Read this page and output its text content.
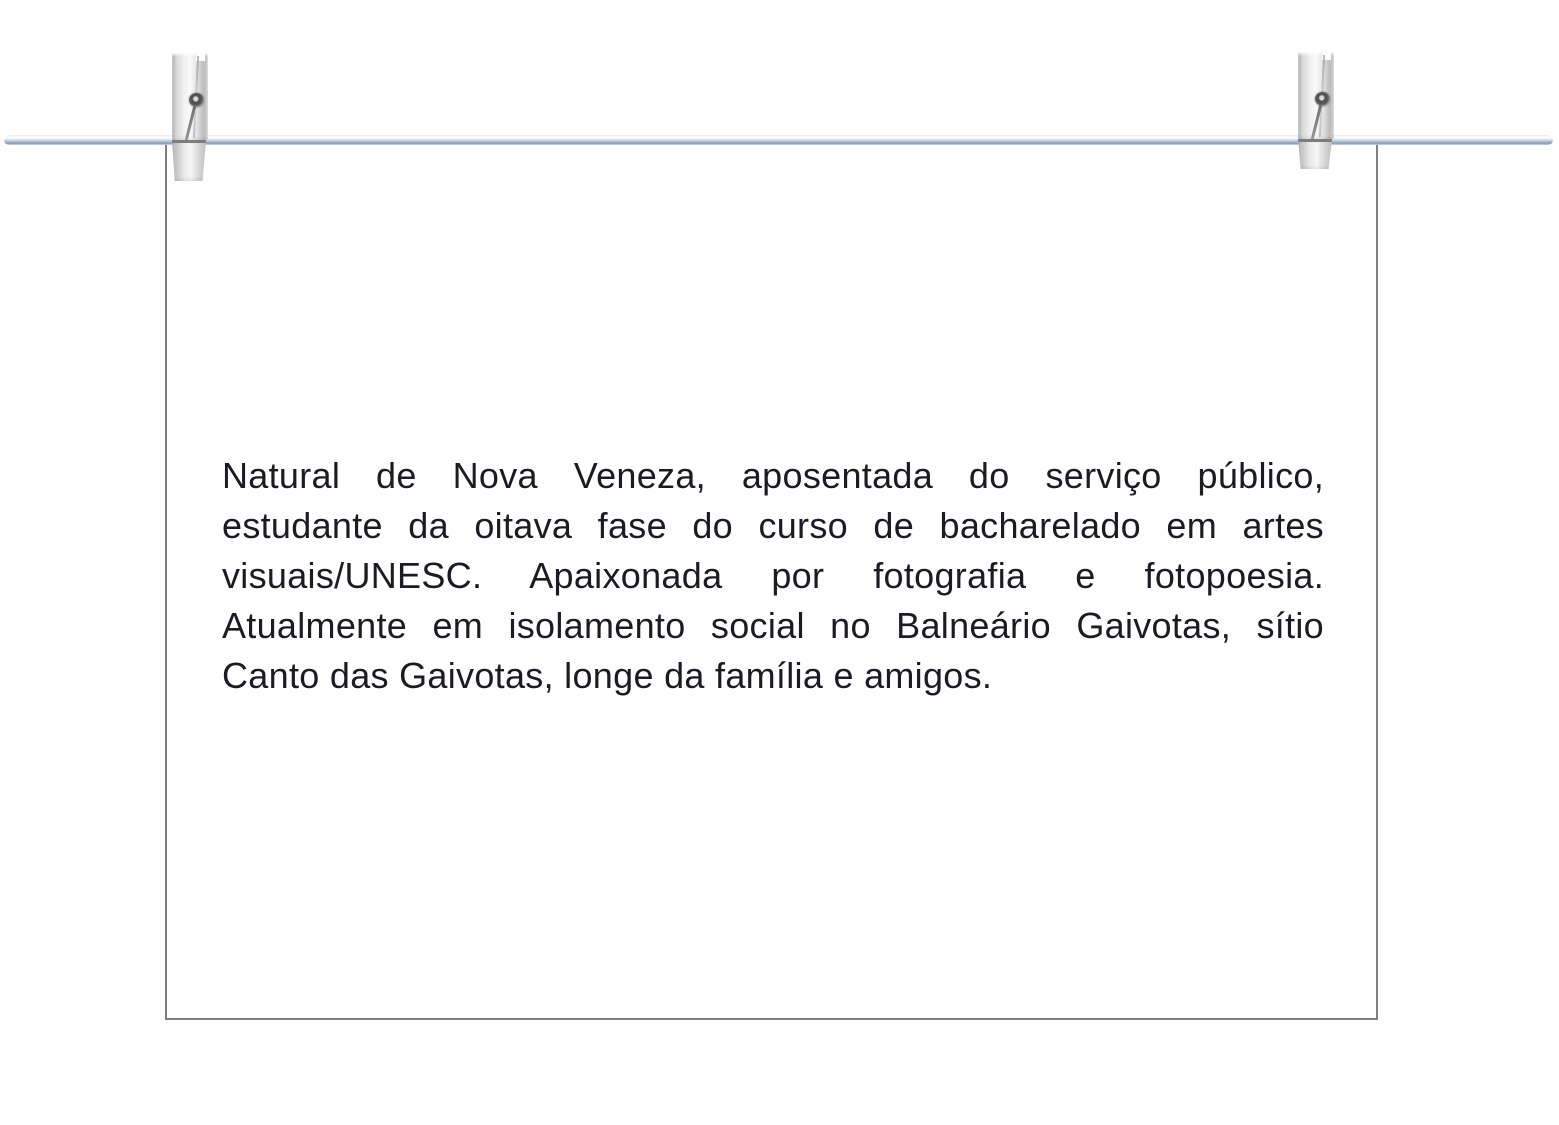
Natural de Nova Veneza, aposentada do serviço público,
estudante da oitava fase do curso de bacharelado em artes
visuais/UNESC. Apaixonada por fotografia e fotopoesia.
Atualmente em isolamento social no Balneário Gaivotas, sítio
Canto das Gaivotas, longe da família e amigos.
